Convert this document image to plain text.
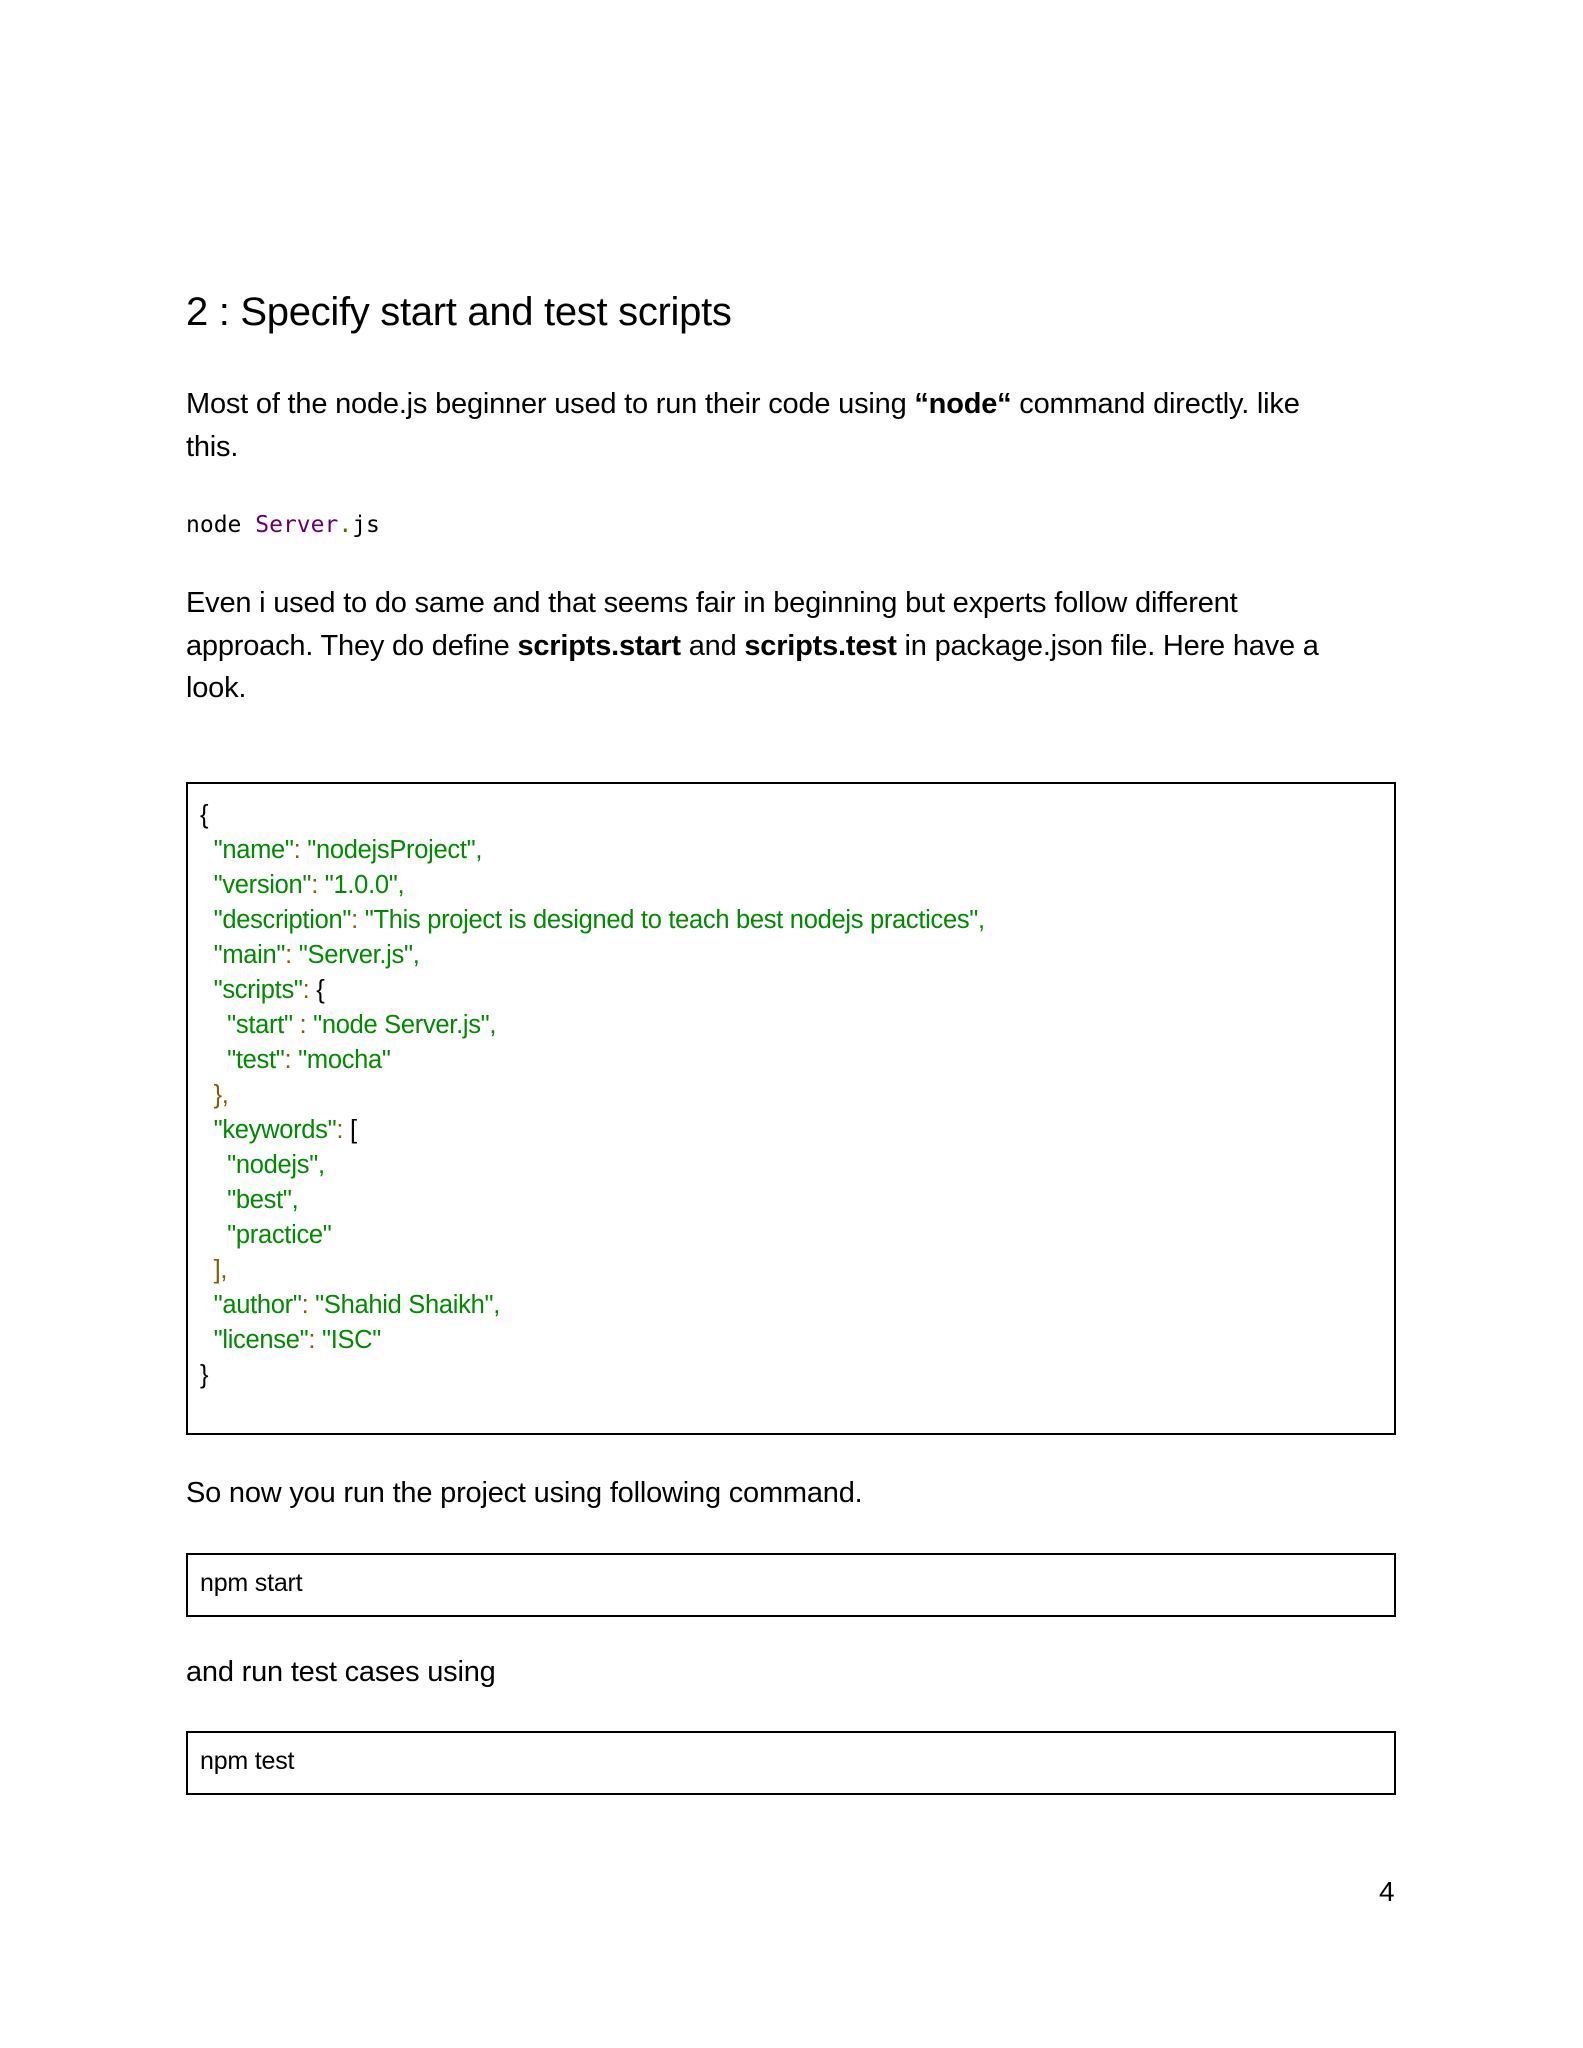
2 : Specify start and test scripts

Most of the node.js beginner used to run their code using “node“ command directly. like
this.

node Server.js

Even i used to do same and that seems fair in beginning but experts follow different
approach. They do define scripts.start and scripts.test in package.json file. Here have a
look.

{
"name": "nodejsProject",
"version": "1.0.0",
"description": "This project is designed to teach best nodejs practices",
"main": "Server.js",
"scripts": {
"start" : "node Server.js",
"test": "mocha"
},
"keywords": [
"nodejs",
"best",
"practice"
],
"author": "Shahid Shaikh",
"license": "ISC"
}

So now you run the project using following command.

npm start

and run test cases using

npm test
4
